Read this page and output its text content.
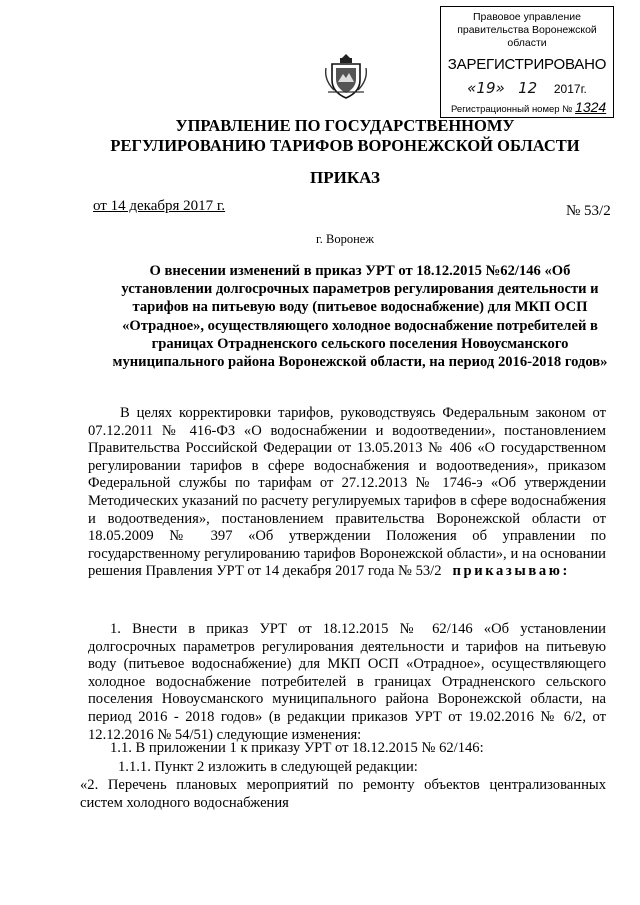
Правовое управление правительства Воронежской области
ЗАРЕГИСТРИРОВАНО
«19» 12 2017г.
Регистрационный номер № 1324
УПРАВЛЕНИЕ ПО ГОСУДАРСТВЕННОМУ РЕГУЛИРОВАНИЮ ТАРИФОВ ВОРОНЕЖСКОЙ ОБЛАСТИ
ПРИКАЗ
от 14 декабря 2017 г.	№ 53/2
г. Воронеж
О внесении изменений в приказ УРТ от 18.12.2015 №62/146 «Об установлении долгосрочных параметров регулирования деятельности и тарифов на питьевую воду (питьевое водоснабжение) для МКП ОСП «Отрадное», осуществляющего холодное водоснабжение потребителей в границах Отрадненского сельского поселения Новоусманского муниципального района Воронежской области, на период 2016-2018 годов»
В целях корректировки тарифов, руководствуясь Федеральным законом от 07.12.2011 № 416-ФЗ «О водоснабжении и водоотведении», постановлением Правительства Российской Федерации от 13.05.2013 № 406 «О государственном регулировании тарифов в сфере водоснабжения и водоотведения», приказом Федеральной службы по тарифам от 27.12.2013 № 1746-э «Об утверждении Методических указаний по расчету регулируемых тарифов в сфере водоснабжения и водоотведения», постановлением правительства Воронежской области от 18.05.2009 № 397 «Об утверждении Положения об управлении по государственному регулированию тарифов Воронежской области», и на основании решения Правления УРТ от 14 декабря 2017 года № 53/2 приказываю:
1. Внести в приказ УРТ от 18.12.2015 № 62/146 «Об установлении долгосрочных параметров регулирования деятельности и тарифов на питьевую воду (питьевое водоснабжение) для МКП ОСП «Отрадное», осуществляющего холодное водоснабжение потребителей в границах Отрадненского сельского поселения Новоусманского муниципального района Воронежской области, на период 2016 - 2018 годов» (в редакции приказов УРТ от 19.02.2016 № 6/2, от 12.12.2016 № 54/51) следующие изменения:
1.1. В приложении 1 к приказу УРТ от 18.12.2015 № 62/146:
1.1.1. Пункт 2 изложить в следующей редакции:
«2. Перечень плановых мероприятий по ремонту объектов централизованных систем холодного водоснабжения
